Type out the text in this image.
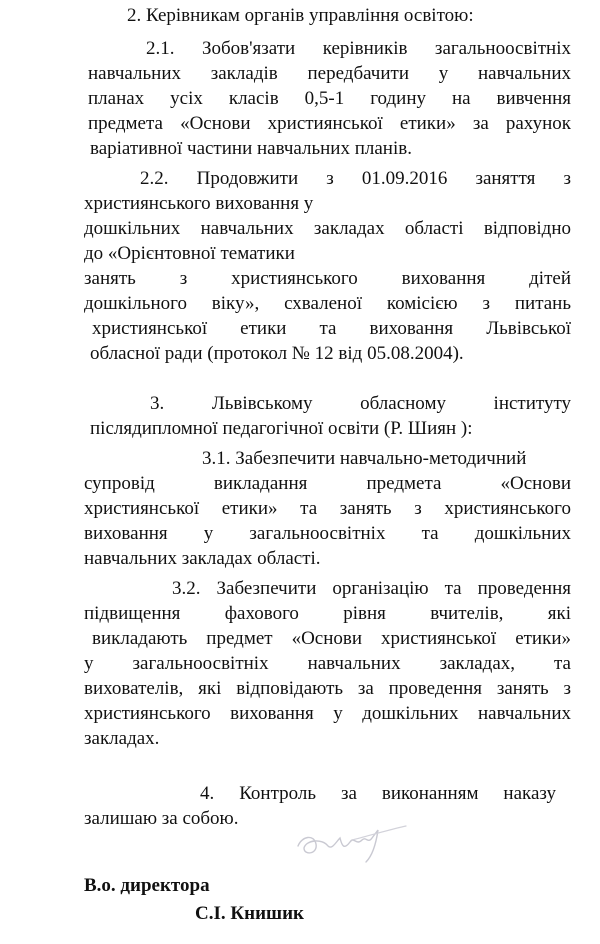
2. Керівникам органів управління освітою:
2.1. Зобов'язати керівників загальноосвітніх
навчальних закладів передбачити у навчальних
планах усіх класів 0,5-1 годину на вивчення
предмета «Основи християнської етики» за рахунок
варіативної частини навчальних планів.
2.2. Продовжити з 01.09.2016 заняття з
християнського виховання у
дошкільних навчальних закладах області відповідно
до «Орієнтовної тематики
занять з християнського виховання дітей
дошкільного віку», схваленої комісією з питань
християнської етики та виховання Львівської
обласної ради (протокол № 12 від 05.08.2004).
3. Львівському обласному інституту
післядипломної педагогічної освіти (Р. Шиян ):
3.1. Забезпечити навчально-методичний
супровід викладання предмета «Основи
християнської етики» та занять з християнського
виховання у загальноосвітніх та дошкільних
навчальних закладах області.
3.2. Забезпечити організацію та проведення
підвищення фахового рівня вчителів, які
викладають предмет «Основи християнської етики»
у загальноосвітніх навчальних закладах, та
вихователів, які відповідають за проведення занять з
християнського виховання у дошкільних навчальних
закладах.
4. Контроль за виконанням наказу
залишаю за собою.
В.о. директора
С.І. Книшик
